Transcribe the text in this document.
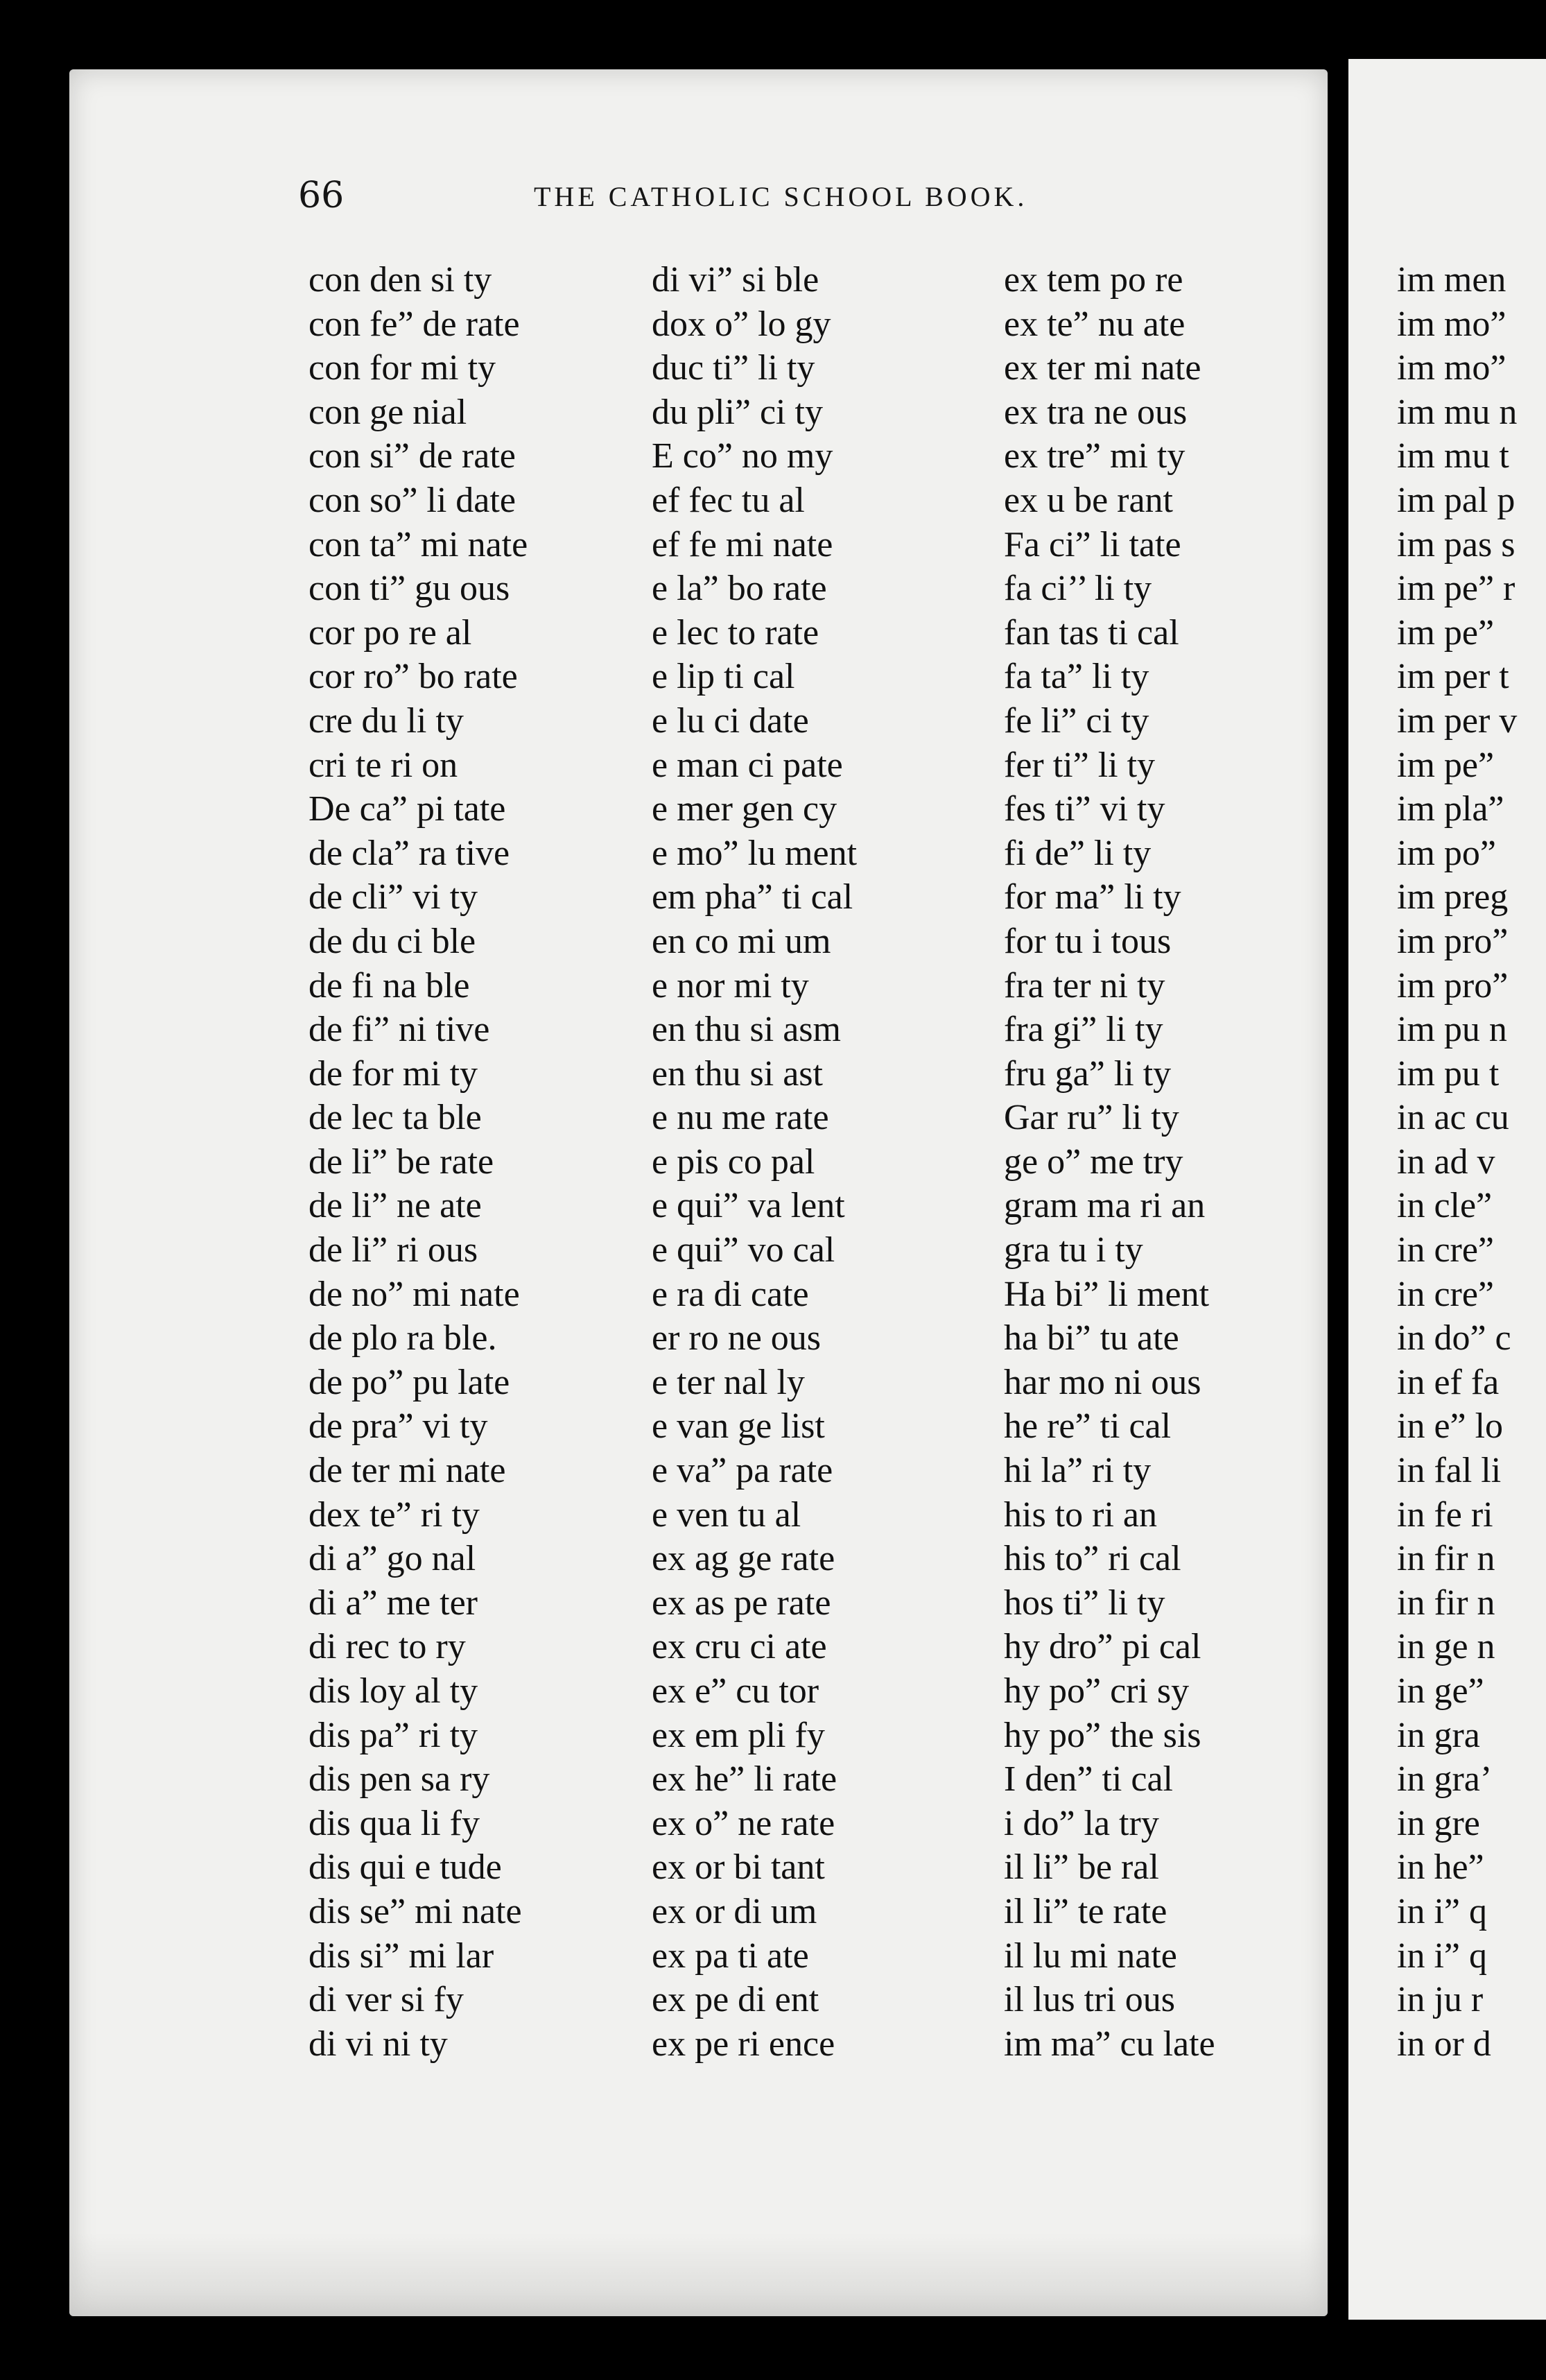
66	THE CATHOLIC SCHOOL BOOK.
con den si ty
con fe” de rate
con for mi ty
con ge nial
con si” de rate
con so” li date
con ta” mi nate
con ti” gu ous
cor po re al
cor ro” bo rate
cre du li ty
cri te ri on
De ca” pi tate
de cla” ra tive
de cli” vi ty
de du ci ble
de fi na ble
de fi” ni tive
de for mi ty
de lec ta ble
de li” be rate
de li” ne ate
de li” ri ous
de no” mi nate
de plo ra ble.
de po” pu late
de pra” vi ty
de ter mi nate
dex te” ri ty
di a” go nal
di a” me ter
di rec to ry
dis loy al ty
dis pa” ri ty
dis pen sa ry
dis qua li fy
dis qui e tude
dis se” mi nate
dis si” mi lar
di ver si fy
di vi ni ty
di vi” si ble
dox o” lo gy
duc ti” li ty
du pli” ci ty
E co” no my
ef fec tu al
ef fe mi nate
e la” bo rate
e lec to rate
e lip ti cal
e lu ci date
e man ci pate
e mer gen cy
e mo” lu ment
em pha” ti cal
en co mi um
e nor mi ty
en thu si asm
en thu si ast
e nu me rate
e pis co pal
e qui” va lent
e qui” vo cal
e ra di cate
er ro ne ous
e ter nal ly
e van ge list
e va” pa rate
e ven tu al
ex ag ge rate
ex as pe rate
ex cru ci ate
ex e” cu tor
ex em pli fy
ex he” li rate
ex o” ne rate
ex or bi tant
ex or di um
ex pa ti ate
ex pe di ent
ex pe ri ence
ex tem po re
ex te” nu ate
ex ter mi nate
ex tra ne ous
ex tre” mi ty
ex u be rant
Fa ci” li tate
fa ci’’ li ty
fan tas ti cal
fa ta” li ty
fe li” ci ty
fer ti” li ty
fes ti” vi ty
fi de” li ty
for ma” li ty
for tu i tous
fra ter ni ty
fra gi” li ty
fru ga” li ty
Gar ru” li ty
ge o” me try
gram ma ri an
gra tu i ty
Ha bi” li ment
ha bi” tu ate
har mo ni ous
he re” ti cal
hi la” ri ty
his to ri an
his to” ri cal
hos ti” li ty
hy dro” pi cal
hy po” cri sy
hy po” the sis
I den” ti cal
i do” la try
il li” be ral
il li” te rate
il lu mi nate
il lus tri ous
im ma” cu late
im men
im mo”
im mo”
im mu n
im mu t
im pal p
im pas s
im pe” r
im pe”
im per t
im per v
im pe”
im pla”
im po”
im preg
im pro”
im pro”
im pu n
im pu t
in ac cu
in ad v
in cle”
in cre”
in cre”
in do” c
in ef fa
in e” lo
in fal li
in fe ri
in fir n
in fir n
in ge n
in ge”
in gra
in gra’
in gre
in he”
in i” q
in i” q
in ju r
in or d
